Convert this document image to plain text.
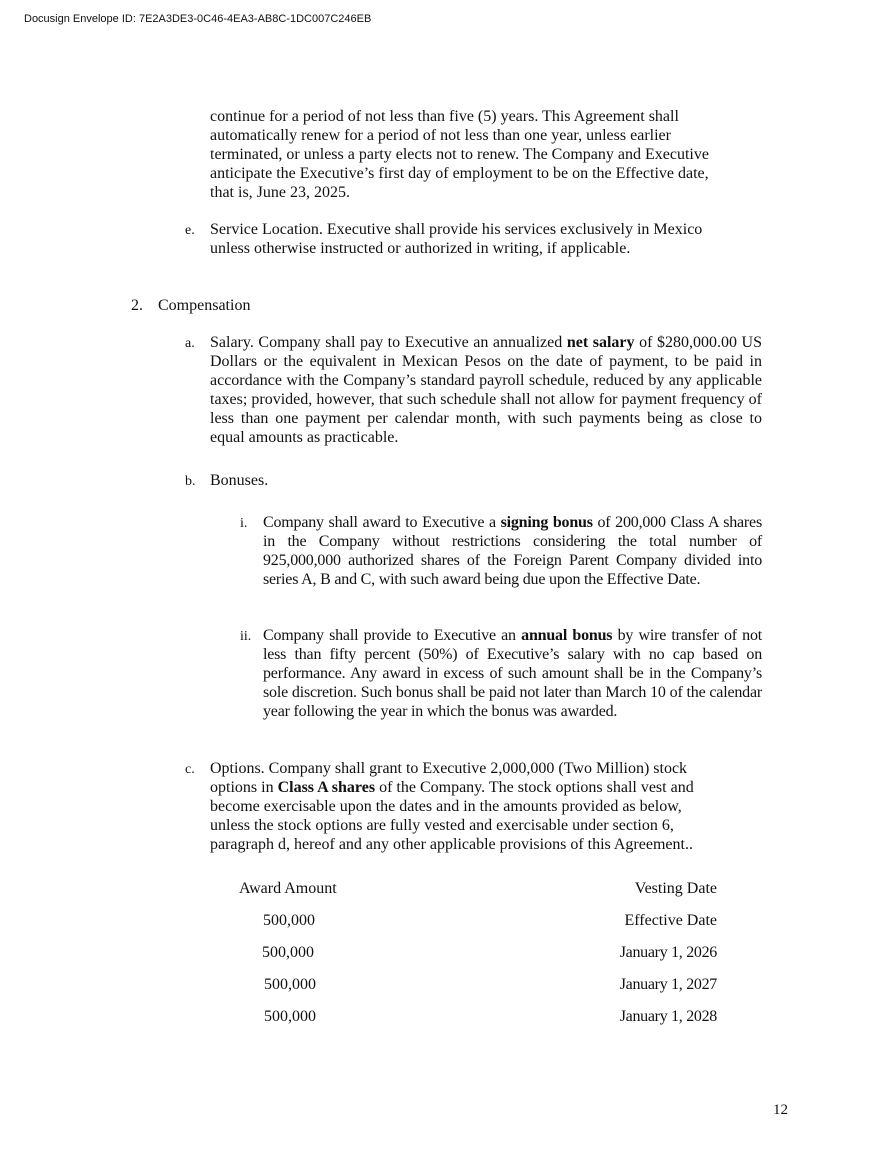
Docusign Envelope ID: 7E2A3DE3-0C46-4EA3-AB8C-1DC007C246EB
continue for a period of not less than five (5) years. This Agreement shall
automatically renew for a period of not less than one year, unless earlier
terminated, or unless a party elects not to renew. The Company and Executive
anticipate the Executive’s first day of employment to be on the Effective date,
that is, June 23, 2025.
e. Service Location. Executive shall provide his services exclusively in Mexico
unless otherwise instructed or authorized in writing, if applicable.
2. Compensation
a. Salary. Company shall pay to Executive an annualized net salary of $280,000.00 US Dollars or the equivalent in Mexican Pesos on the date of payment, to be paid in accordance with the Company’s standard payroll schedule, reduced by any applicable taxes; provided, however, that such schedule shall not allow for payment frequency of less than one payment per calendar month, with such payments being as close to equal amounts as practicable.
b. Bonuses.
i. Company shall award to Executive a signing bonus of 200,000 Class A shares in the Company without restrictions considering the total number of 925,000,000 authorized shares of the Foreign Parent Company divided into series A, B and C, with such award being due upon the Effective Date.
ii. Company shall provide to Executive an annual bonus by wire transfer of not less than fifty percent (50%) of Executive’s salary with no cap based on performance. Any award in excess of such amount shall be in the Company’s sole discretion. Such bonus shall be paid not later than March 10 of the calendar year following the year in which the bonus was awarded.
c. Options. Company shall grant to Executive 2,000,000 (Two Million) stock
options in Class A shares of the Company. The stock options shall vest and
become exercisable upon the dates and in the amounts provided as below,
unless the stock options are fully vested and exercisable under section 6,
paragraph d, hereof and any other applicable provisions of this Agreement..
Award Amount	Vesting Date
500,000	Effective Date
500,000	January 1, 2026
500,000	January 1, 2027
500,000	January 1, 2028
12
